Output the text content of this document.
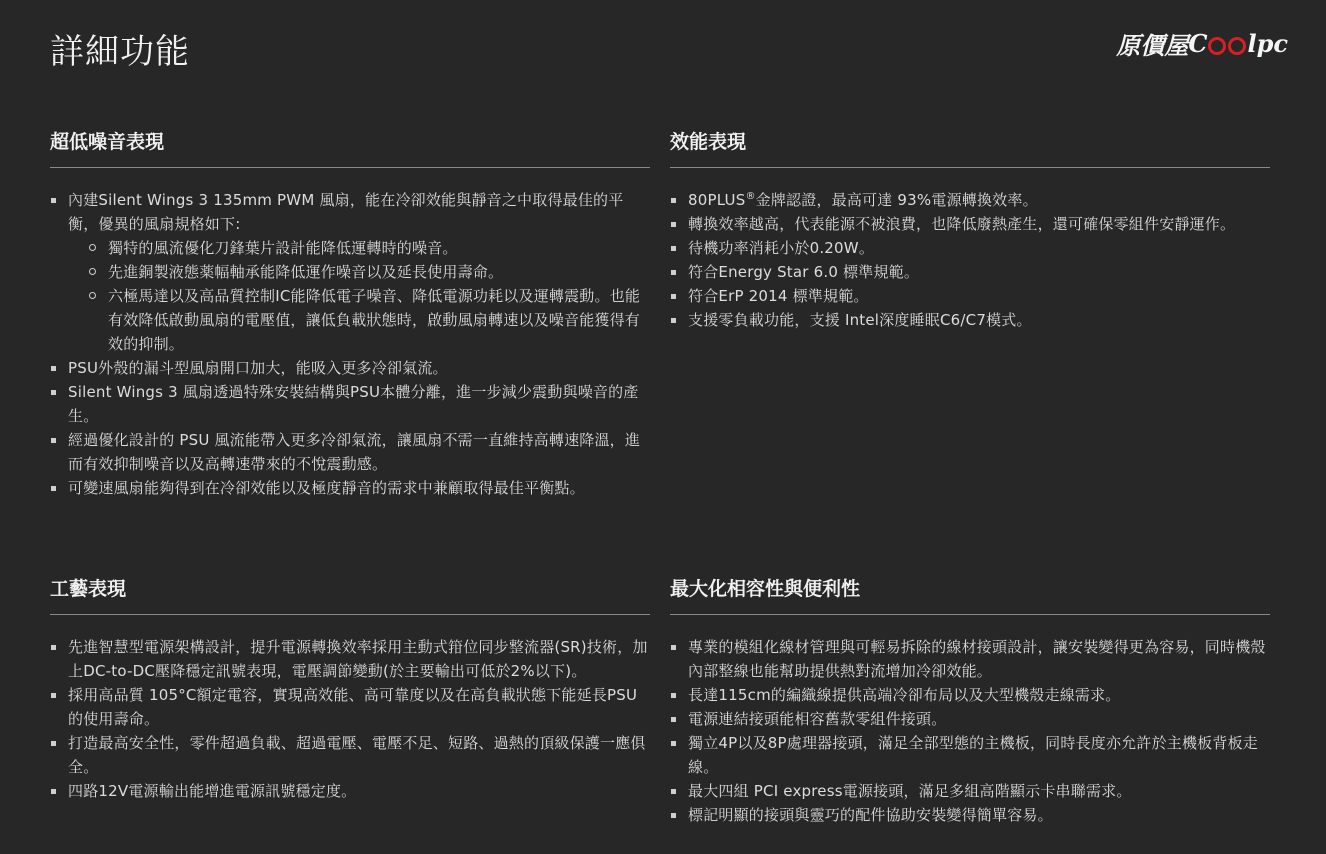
詳細功能	原價屋 C lpc
超低噪音表現
內建Silent Wings 3 135mm PWM 風扇，能在冷卻效能與靜音之中取得最佳的平衡，優異的風扇規格如下:
獨特的風流優化刀鋒葉片設計能降低運轉時的噪音。
先進銅製液態薬幅軸承能降低運作噪音以及延長使用壽命。
六極馬達以及高品質控制IC能降低電子噪音、降低電源功耗以及運轉震動。也能有效降低啟動風扇的電壓值，讓低負載狀態時，啟動風扇轉速以及噪音能獲得有效的抑制。
PSU外殼的漏斗型風扇開口加大，能吸入更多冷卻氣流。
Silent Wings 3 風扇透過特殊安裝結構與PSU本體分離，進一步減少震動與噪音的產生。
經過優化設計的 PSU 風流能帶入更多冷卻氣流，讓風扇不需一直維持高轉速降溫，進而有效抑制噪音以及高轉速帶來的不悅震動感。
可變速風扇能夠得到在冷卻效能以及極度靜音的需求中兼顧取得最佳平衡點。
效能表現
80PLUS®金牌認證，最高可達 93%電源轉換效率。
轉換效率越高，代表能源不被浪費，也降低廢熱產生，還可確保零組件安靜運作。
待機功率消耗小於0.20W。
符合Energy Star 6.0 標準規範。
符合ErP 2014 標準規範。
支援零負載功能，支援 Intel深度睡眠C6/C7模式。
工藝表現
先進智慧型電源架構設計，提升電源轉換效率採用主動式箝位同步整流器(SR)技術，加上DC-to-DC壓降穩定訊號表現，電壓調節變動(於主要輸出可低於2%以下)。
採用高品質 105°C額定電容，實現高效能、高可靠度以及在高負載狀態下能延長PSU的使用壽命。
打造最高安全性，零件超過負載、超過電壓、電壓不足、短路、過熱的頂級保護一應俱全。
四路12V電源輸出能增進電源訊號穩定度。
最大化相容性與便利性
專業的模組化線材管理與可輕易拆除的線材接頭設計，讓安裝變得更為容易，同時機殼內部整線也能幫助提供熱對流增加冷卻效能。
長達115cm的編織線提供高端冷卻布局以及大型機殼走線需求。
電源連結接頭能相容舊款零組件接頭。
獨立4P以及8P處理器接頭，滿足全部型態的主機板，同時長度亦允許於主機板背板走線。
最大四組 PCI express電源接頭，滿足多組高階顯示卡串聯需求。
標記明顯的接頭與靈巧的配件協助安裝變得簡單容易。
